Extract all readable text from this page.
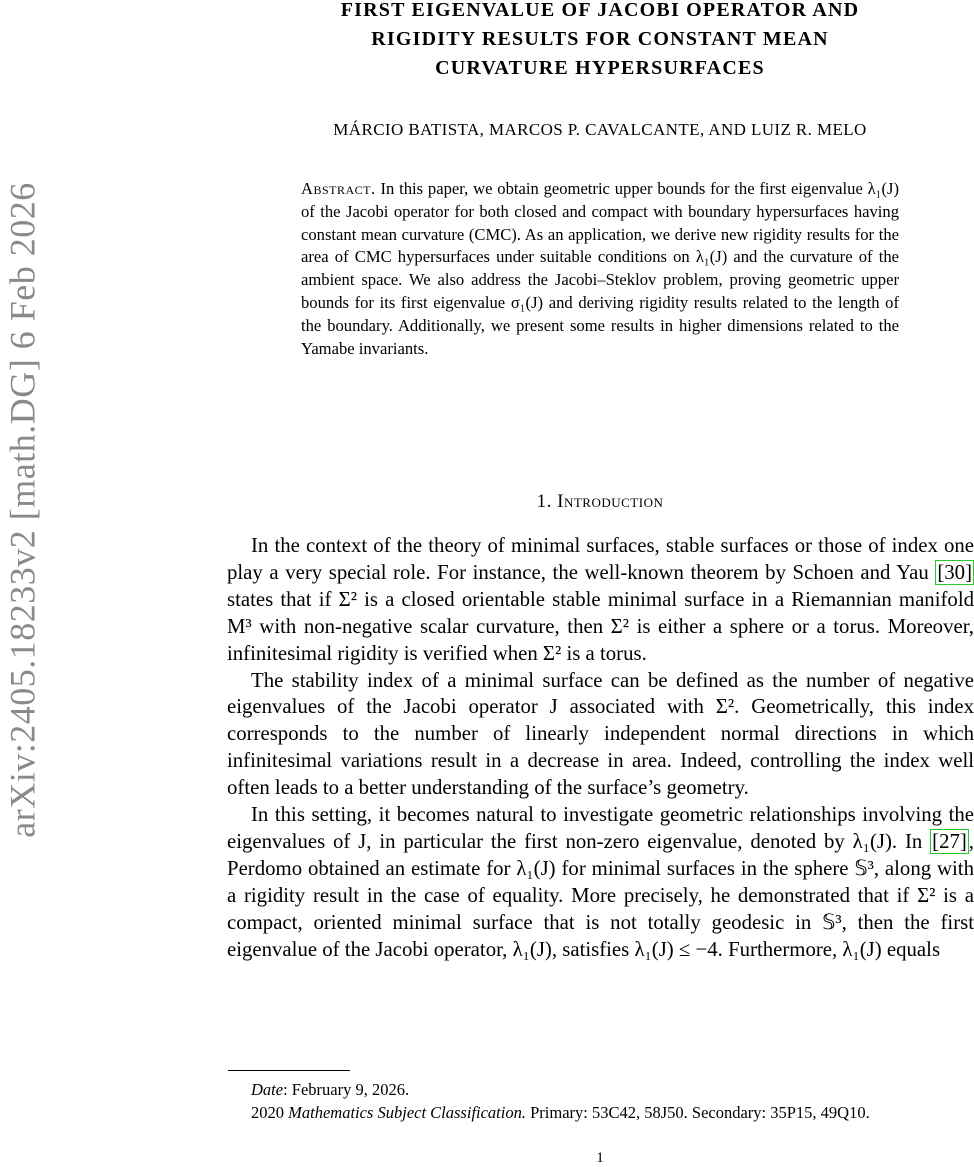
arXiv:2405.18233v2 [math.DG] 6 Feb 2026
FIRST EIGENVALUE OF JACOBI OPERATOR AND
RIGIDITY RESULTS FOR CONSTANT MEAN
CURVATURE HYPERSURFACES
MÁRCIO BATISTA, MARCOS P. CAVALCANTE, AND LUIZ R. MELO
Abstract. In this paper, we obtain geometric upper bounds for the first eigenvalue λ₁(J) of the Jacobi operator for both closed and compact with boundary hypersurfaces having constant mean curvature (CMC). As an application, we derive new rigidity results for the area of CMC hypersurfaces under suitable conditions on λ₁(J) and the curvature of the ambient space. We also address the Jacobi–Steklov problem, proving geometric upper bounds for its first eigenvalue σ₁(J) and deriving rigidity results related to the length of the boundary. Additionally, we present some results in higher dimensions related to the Yamabe invariants.
1. Introduction

In the context of the theory of minimal surfaces, stable surfaces or those of index one play a very special role. For instance, the well-known theorem by Schoen and Yau [30] states that if Σ² is a closed orientable stable minimal surface in a Riemannian manifold M³ with non-negative scalar curvature, then Σ² is either a sphere or a torus. Moreover, infinitesimal rigidity is verified when Σ² is a torus.

The stability index of a minimal surface can be defined as the number of negative eigenvalues of the Jacobi operator J associated with Σ². Geometrically, this index corresponds to the number of linearly independent normal directions in which infinitesimal variations result in a decrease in area. Indeed, controlling the index well often leads to a better understanding of the surface’s geometry.

In this setting, it becomes natural to investigate geometric relationships involving the eigenvalues of J, in particular the first non-zero eigenvalue, denoted by λ₁(J). In [27], Perdomo obtained an estimate for λ₁(J) for minimal surfaces in the sphere 𝕊³, along with a rigidity result in the case of equality. More precisely, he demonstrated that if Σ² is a compact, oriented minimal surface that is not totally geodesic in 𝕊³, then the first eigenvalue of the Jacobi operator, λ₁(J), satisfies λ₁(J) ≤ −4. Furthermore, λ₁(J) equals

Date: February 9, 2026.

2020 Mathematics Subject Classification. Primary: 53C42, 58J50. Secondary: 35P15, 49Q10.

1
